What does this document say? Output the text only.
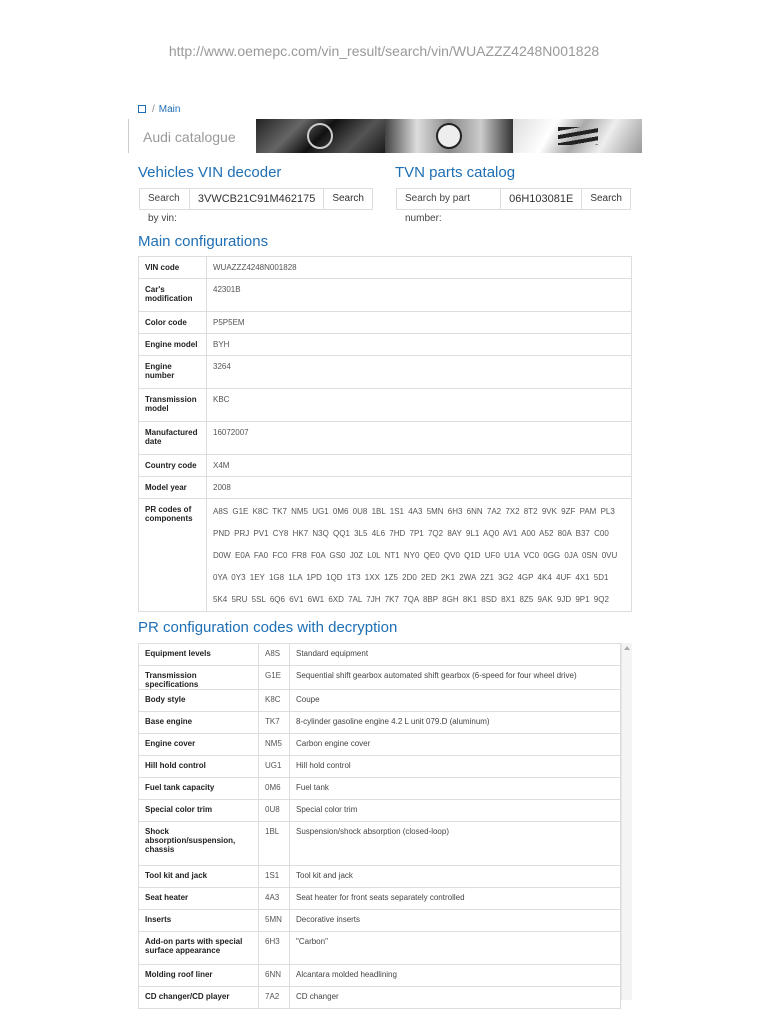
http://www.oemepc.com/vin_result/search/vin/WUAZZZ4248N001828
/ Main
Audi catalogue
Vehicles VIN decoder	TVN parts catalog
Search by vin:
3VWCB21C91M462175	Search	Search by part number:
06H103081E	Search
Main configurations
VIN code	WUAZZZ4248N001828
Car's modification	42301B
Color code	P5P5EM
Engine model	BYH
Engine number	3264
Transmission model	KBC
Manufactured date	16072007
Country code	X4M
Model year	2008
PR codes of components	A8S G1E K8C TK7 NM5 UG1 0M6 0U8 1BL 1S1 4A3 5MN 6H3 6NN 7A2 7X2 8T2 9VK 9ZF PAM PL3 PND PRJ PV1 CY8 HK7 N3Q QQ1 3L5 4L6 7HD 7P1 7Q2 8AY 9L1 AQ0 AV1 A00 A52 80A B37 C00 D0W E0A FA0 FC0 FR8 F0A GS0 J0Z L0L NT1 NY0 QE0 QV0 Q1D UF0 U1A VC0 0GG 0JA 0SN 0VU 0YA 0Y3 1EY 1G8 1LA 1PD 1QD 1T3 1XX 1Z5 2D0 2ED 2K1 2WA 2Z1 3G2 4GP 4K4 4UF 4X1 5D1 5K4 5RU 5SL 6Q6 6V1 6W1 6XD 7AL 7JH 7K7 7QA 8BP 8GH 8K1 8SD 8X1 8Z5 9AK 9JD 9P1 9Q2
PR configuration codes with decryption
Equipment levels	A8S	Standard equipment
Transmission specifications	G1E	Sequential shift gearbox automated shift gearbox (6-speed for four wheel drive)
Body style	K8C	Coupe
Base engine	TK7	8-cylinder gasoline engine 4.2 L unit 079.D (aluminum)
Engine cover	NM5	Carbon engine cover
Hill hold control	UG1	Hill hold control
Fuel tank capacity	0M6	Fuel tank
Special color trim	0U8	Special color trim
Shock absorption/suspension, chassis	1BL	Suspension/shock absorption (closed-loop)
Tool kit and jack	1S1	Tool kit and jack
Seat heater	4A3	Seat heater for front seats separately controlled
Inserts	5MN	Decorative inserts
Add-on parts with special surface appearance	6H3	"Carbon"
Molding roof liner	6NN	Alcantara molded headlining
CD changer/CD player	7A2	CD changer
